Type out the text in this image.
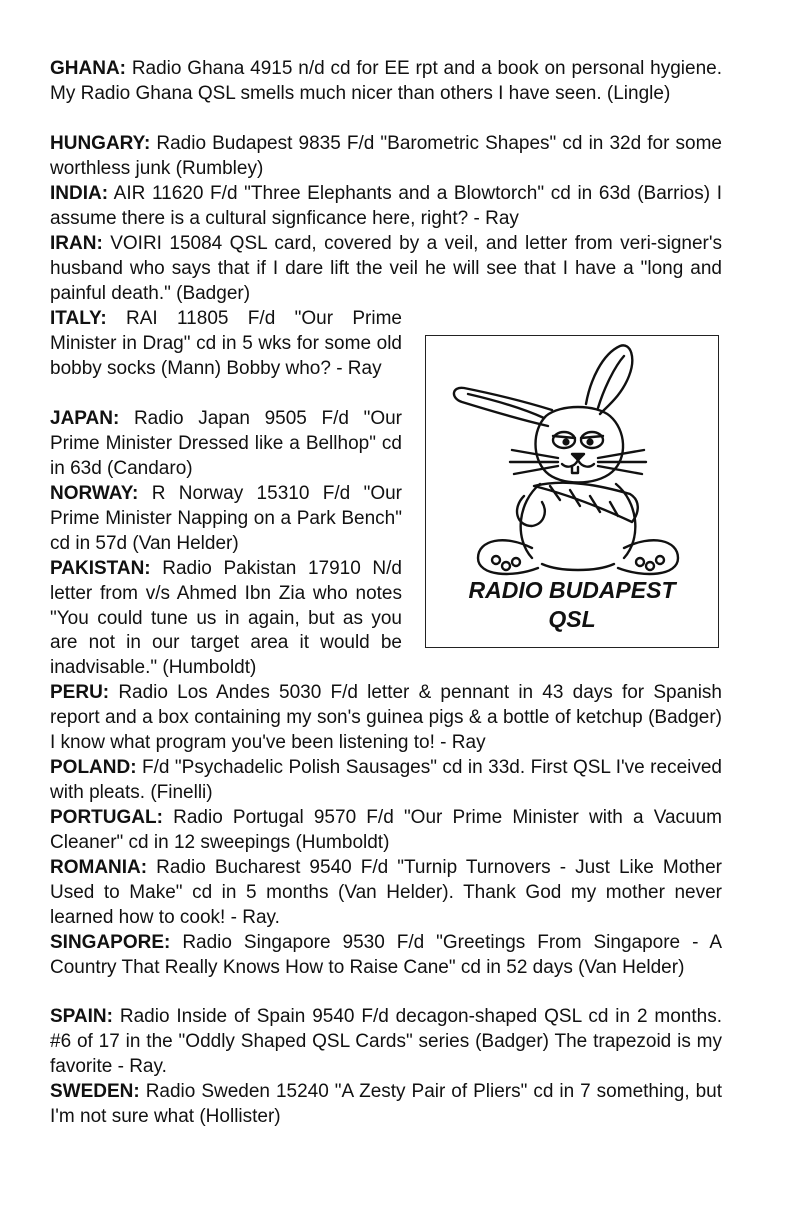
GHANA: Radio Ghana 4915 n/d cd for EE rpt and a book on personal hygiene. My Radio Ghana QSL smells much nicer than others I have seen. (Lingle)

HUNGARY: Radio Budapest 9835 F/d "Barometric Shapes" cd in 32d for some worthless junk (Rumbley)

INDIA: AIR 11620 F/d "Three Elephants and a Blowtorch" cd in 63d (Barrios) I assume there is a cultural signficance here, right? - Ray

IRAN: VOIRI 15084 QSL card, covered by a veil, and letter from veri-signer's husband who says that if I dare lift the veil he will see that I have a "long and painful death." (Badger)

ITALY: RAI 11805 F/d "Our Prime Minister in Drag" cd in 5 wks for some old bobby socks (Mann) Bobby who? - Ray

JAPAN: Radio Japan 9505 F/d "Our Prime Minister Dressed like a Bellhop" cd in 63d (Candaro)

NORWAY: R Norway 15310 F/d "Our Prime Minister Napping on a Park Bench" cd in 57d (Van Helder)

PAKISTAN: Radio Pakistan 17910 N/d letter from v/s Ahmed Ibn Zia who notes "You could tune us in again, but as you are not in our target area it would be inadvisable." (Humboldt)

PERU: Radio Los Andes 5030 F/d letter & pennant in 43 days for Spanish report and a box containing my son's guinea pigs & a bottle of ketchup (Badger) I know what program you've been listening to! - Ray

POLAND: F/d "Psychadelic Polish Sausages" cd in 33d. First QSL I've received with pleats. (Finelli)

PORTUGAL: Radio Portugal 9570 F/d "Our Prime Minister with a Vacuum Cleaner" cd in 12 sweepings (Humboldt)

ROMANIA: Radio Bucharest 9540 F/d "Turnip Turnovers - Just Like Mother Used to Make" cd in 5 months (Van Helder). Thank God my mother never learned how to cook! - Ray.

SINGAPORE: Radio Singapore 9530 F/d "Greetings From Singapore - A Country That Really Knows How to Raise Cane" cd in 52 days (Van Helder)

SPAIN: Radio Inside of Spain 9540 F/d decagon-shaped QSL cd in 2 months. #6 of 17 in the "Oddly Shaped QSL Cards" series (Badger) The trapezoid is my favorite - Ray.

SWEDEN: Radio Sweden 15240 "A Zesty Pair of Pliers" cd in 7 something, but I'm not sure what (Hollister)

RADIO BUDAPEST
QSL
